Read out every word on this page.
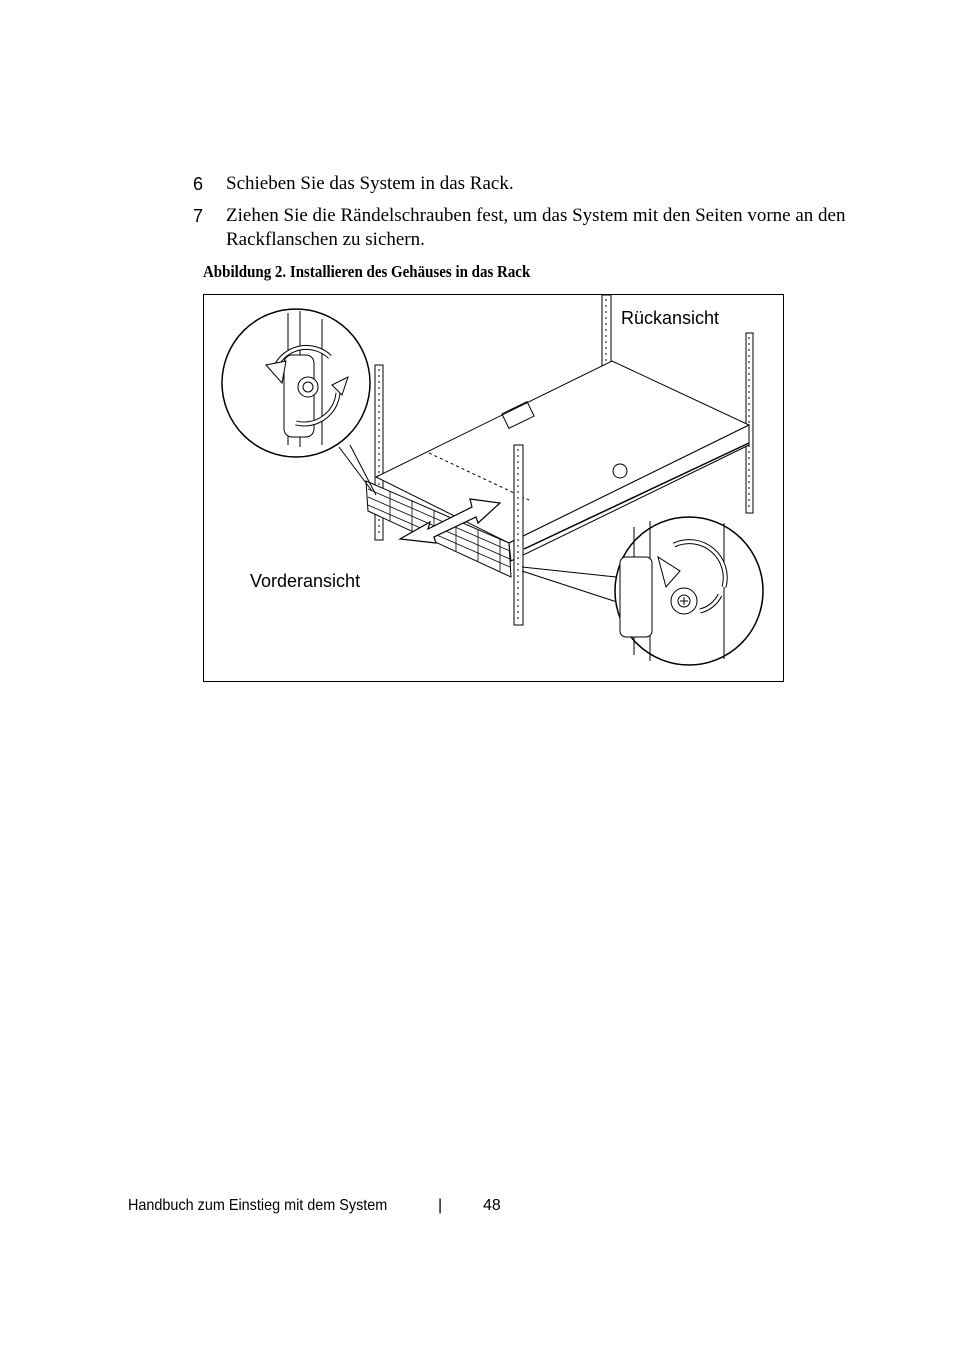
6 Schieben Sie das System in das Rack.
7 Ziehen Sie die Rändelschrauben fest, um das System mit den Seiten vorne an den Rackflanschen zu sichern.
Abbildung 2. Installieren des Gehäuses in das Rack
Rückansicht
Vorderansicht
Handbuch zum Einstieg mit dem System	|	48
